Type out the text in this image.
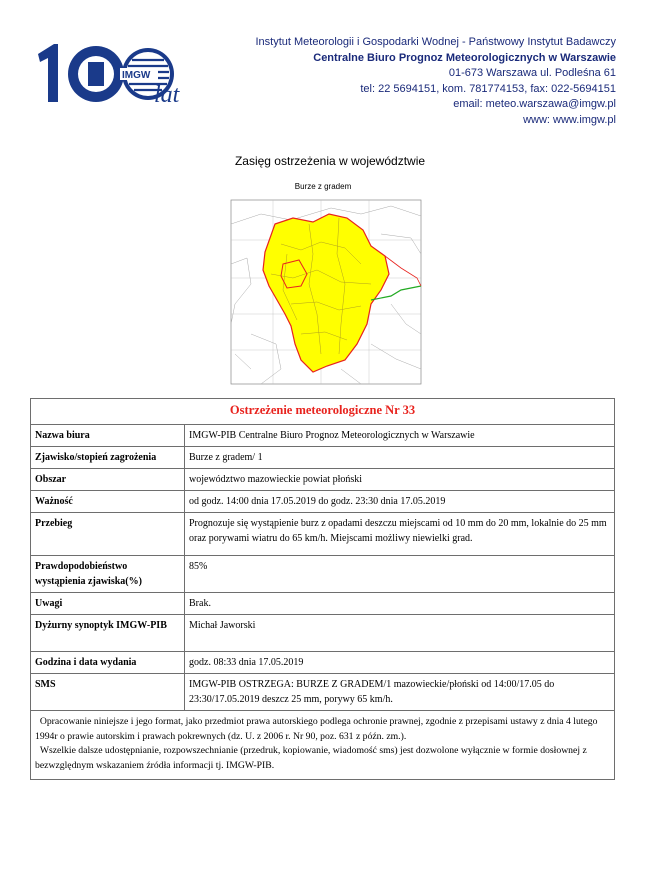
IMGW
lat
Instytut Meteorologii i Gospodarki Wodnej - Państwowy Instytut Badawczy
Centralne Biuro Prognoz Meteorologicznych w Warszawie
01-673 Warszawa ul. Podleśna 61
tel: 22 5694151, kom. 781774153, fax: 022-5694151
email: meteo.warszawa@imgw.pl
www: www.imgw.pl
Zasięg ostrzeżenia w województwie
Burze z gradem
Ostrzeżenie meteorologiczne Nr 33	
Nazwa biura	IMGW-PIB Centralne Biuro Prognoz Meteorologicznych w Warszawie
Zjawisko/stopień zagrożenia	Burze z gradem/ 1
Obszar	województwo mazowieckie powiat płoński
Ważność	od godz. 14:00 dnia 17.05.2019 do godz. 23:30 dnia 17.05.2019
Przebieg	Prognozuje się wystąpienie burz z opadami deszczu miejscami od 10 mm do 20 mm, lokalnie do 25 mm oraz porywami wiatru do 65 km/h. Miejscami możliwy niewielki grad.
Prawdopodobieństwo wystąpienia zjawiska(%)	85%
Uwagi	Brak.
Dyżurny synoptyk IMGW-PIB	Michał Jaworski
Godzina i data wydania	godz. 08:33 dnia 17.05.2019
SMS	IMGW-PIB OSTRZEGA: BURZE Z GRADEM/1 mazowieckie/płoński od 14:00/17.05 do 23:30/17.05.2019 deszcz 25 mm, porywy 65 km/h.

Opracowanie niniejsze i jego format, jako przedmiot prawa autorskiego podlega ochronie prawnej, zgodnie z przepisami ustawy z dnia 4 lutego 1994r o prawie autorskim i prawach pokrewnych (dz. U. z 2006 r. Nr 90, poz. 631 z późn. zm.).
Wszelkie dalsze udostępnianie, rozpowszechnianie (przedruk, kopiowanie, wiadomość sms) jest dozwolone wyłącznie w formie dosłownej z bezwzględnym wskazaniem źródła informacji tj. IMGW-PIB.	
